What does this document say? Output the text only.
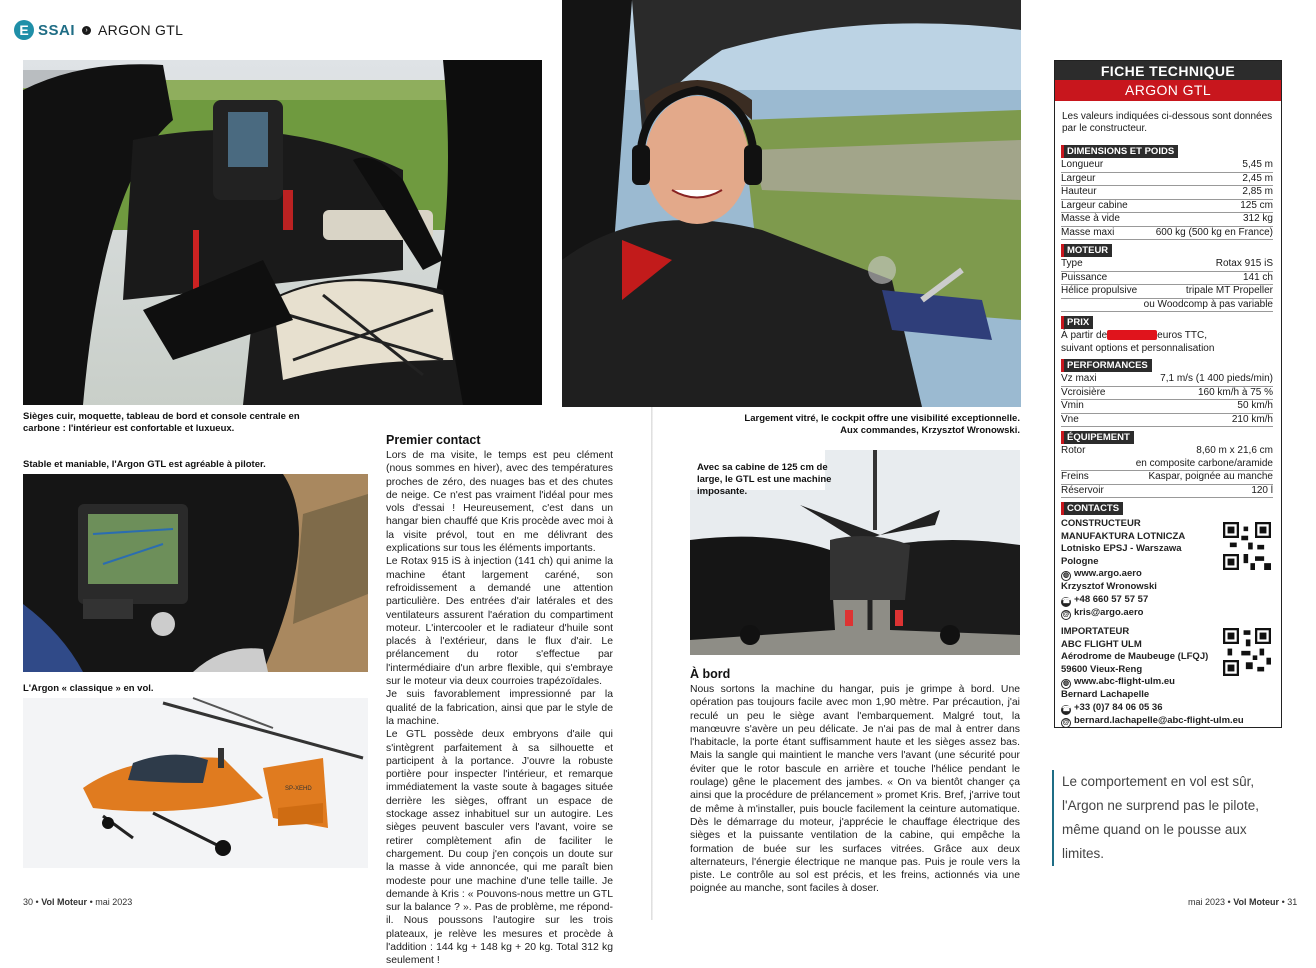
E SSAI	› ARGON GTL
Sièges cuir, moquette, tableau de bord et console centrale en carbone : l'intérieur est confortable et luxueux.
Stable et maniable, l'Argon GTL est agréable à piloter.
L'Argon « classique » en vol.
SP-XEHD
Premier contact

Lors de ma visite, le temps est peu clément (nous sommes en hiver), avec des températures proches de zéro, des nuages bas et des chutes de neige. Ce n'est pas vraiment l'idéal pour mes vols d'essai ! Heureusement, c'est dans un hangar bien chauffé que Kris procède avec moi à la visite prévol, tout en me délivrant des explications sur tous les éléments importants.

Le Rotax 915 iS à injection (141 ch) qui anime la machine étant largement caréné, son refroidissement a demandé une attention particulière. Des entrées d'air latérales et des ventilateurs assurent l'aération du compartiment moteur. L'intercooler et le radiateur d'huile sont placés à l'extérieur, dans le flux d'air. Le prélancement du rotor s'effectue par l'intermédiaire d'un arbre flexible, qui s'embraye sur le moteur via deux courroies trapézoïdales.

Je suis favorablement impressionné par la qualité de la fabrication, ainsi que par le style de la machine.

Le GTL possède deux embryons d'aile qui s'intègrent parfaitement à sa silhouette et participent à la portance. J'ouvre la robuste portière pour inspecter l'intérieur, et remarque immédiatement la vaste soute à bagages située derrière les sièges, offrant un espace de stockage assez inhabituel sur un autogire. Les sièges peuvent basculer vers l'avant, voire se retirer complètement afin de faciliter le chargement. Du coup j'en conçois un doute sur la masse à vide annoncée, qui me paraît bien modeste pour une machine d'une telle taille. Je demande à Kris : « Pouvons-nous mettre un GTL sur la balance ? ». Pas de problème, me répond-il. Nous poussons l'autogire sur les trois plateaux, je relève les mesures et procède à l'addition : 144 kg + 148 kg + 20 kg. Total 312 kg seulement !

Largement vitré, le cockpit offre une visibilité exceptionnelle.
Aux commandes, Krzysztof Wronowski.
Avec sa cabine de 125 cm de large, le GTL est une machine imposante.
À bord
Nous sortons la machine du hangar, puis je grimpe à bord. Une opération pas toujours facile avec mon 1,90 mètre. Par précaution, j'ai reculé un peu le siège avant l'embarquement. Malgré tout, la manœuvre s'avère un peu délicate. Je n'ai pas de mal à entrer dans l'habitacle, la porte étant suffisamment haute et les sièges assez bas. Mais la sangle qui maintient le manche vers l'avant (une sécurité pour éviter que le rotor bascule en arrière et touche l'hélice pendant le roulage) gêne le placement des jambes. « On va bientôt changer ça ainsi que la procédure de prélancement » promet Kris. Bref, j'arrive tout de même à m'installer, puis boucle facilement la ceinture automatique. Dès le démarrage du moteur, j'apprécie le chauffage électrique des sièges et la puissante ventilation de la cabine, qui empêche la formation de buée sur les surfaces vitrées. Grâce aux deux alternateurs, l'énergie électrique ne manque pas. Puis je roule vers la piste. Le contrôle au sol est précis, et les freins, actionnés via une poignée au manche, sont faciles à doser.
FICHE TECHNIQUE
ARGON GTL
Les valeurs indiquées ci-dessous sont données par le constructeur.
DIMENSIONS ET POIDS
Longueur	5,45 m
Largeur	2,45 m
Hauteur	2,85 m
Largeur cabine	125 cm
Masse à vide	312 kg
Masse maxi	600 kg (500 kg en France)
MOTEUR
Type	Rotax 915 iS
Puissance	141 ch
Hélice propulsive	tripale MT Propeller
ou Woodcomp à pas variable
PRIX
À partir de	euros TTC,
suivant options et personnalisation
PERFORMANCES
Vz maxi	7,1 m/s (1 400 pieds/min)
Vcroisière	160 km/h à 75 %
Vmin	50 km/h
Vne	210 km/h
ÉQUIPEMENT
Rotor	8,60 m x 21,6 cm
en composite carbone/aramide
Freins	Kaspar, poignée au manche
Réservoir	120 l
CONTACTS
CONSTRUCTEUR
MANUFAKTURA LOTNICZA
Lotnisko EPSJ - Warszawa
Pologne
◍ www.argo.aero
Krzysztof Wronowski
☎ +48 660 57 57 57
@ kris@argo.aero
IMPORTATEUR
ABC FLIGHT ULM
Aérodrome de Maubeuge (LFQJ)
59600 Vieux-Reng
◍ www.abc-flight-ulm.eu
Bernard Lachapelle
☎ +33 (0)7 84 06 05 36
@ bernard.lachapelle@abc-flight-ulm.eu
Le comportement en vol est sûr, l'Argon ne surprend pas le pilote, même quand on le pousse aux limites.
30 • Vol Moteur • mai 2023	mai 2023 • Vol Moteur • 31
